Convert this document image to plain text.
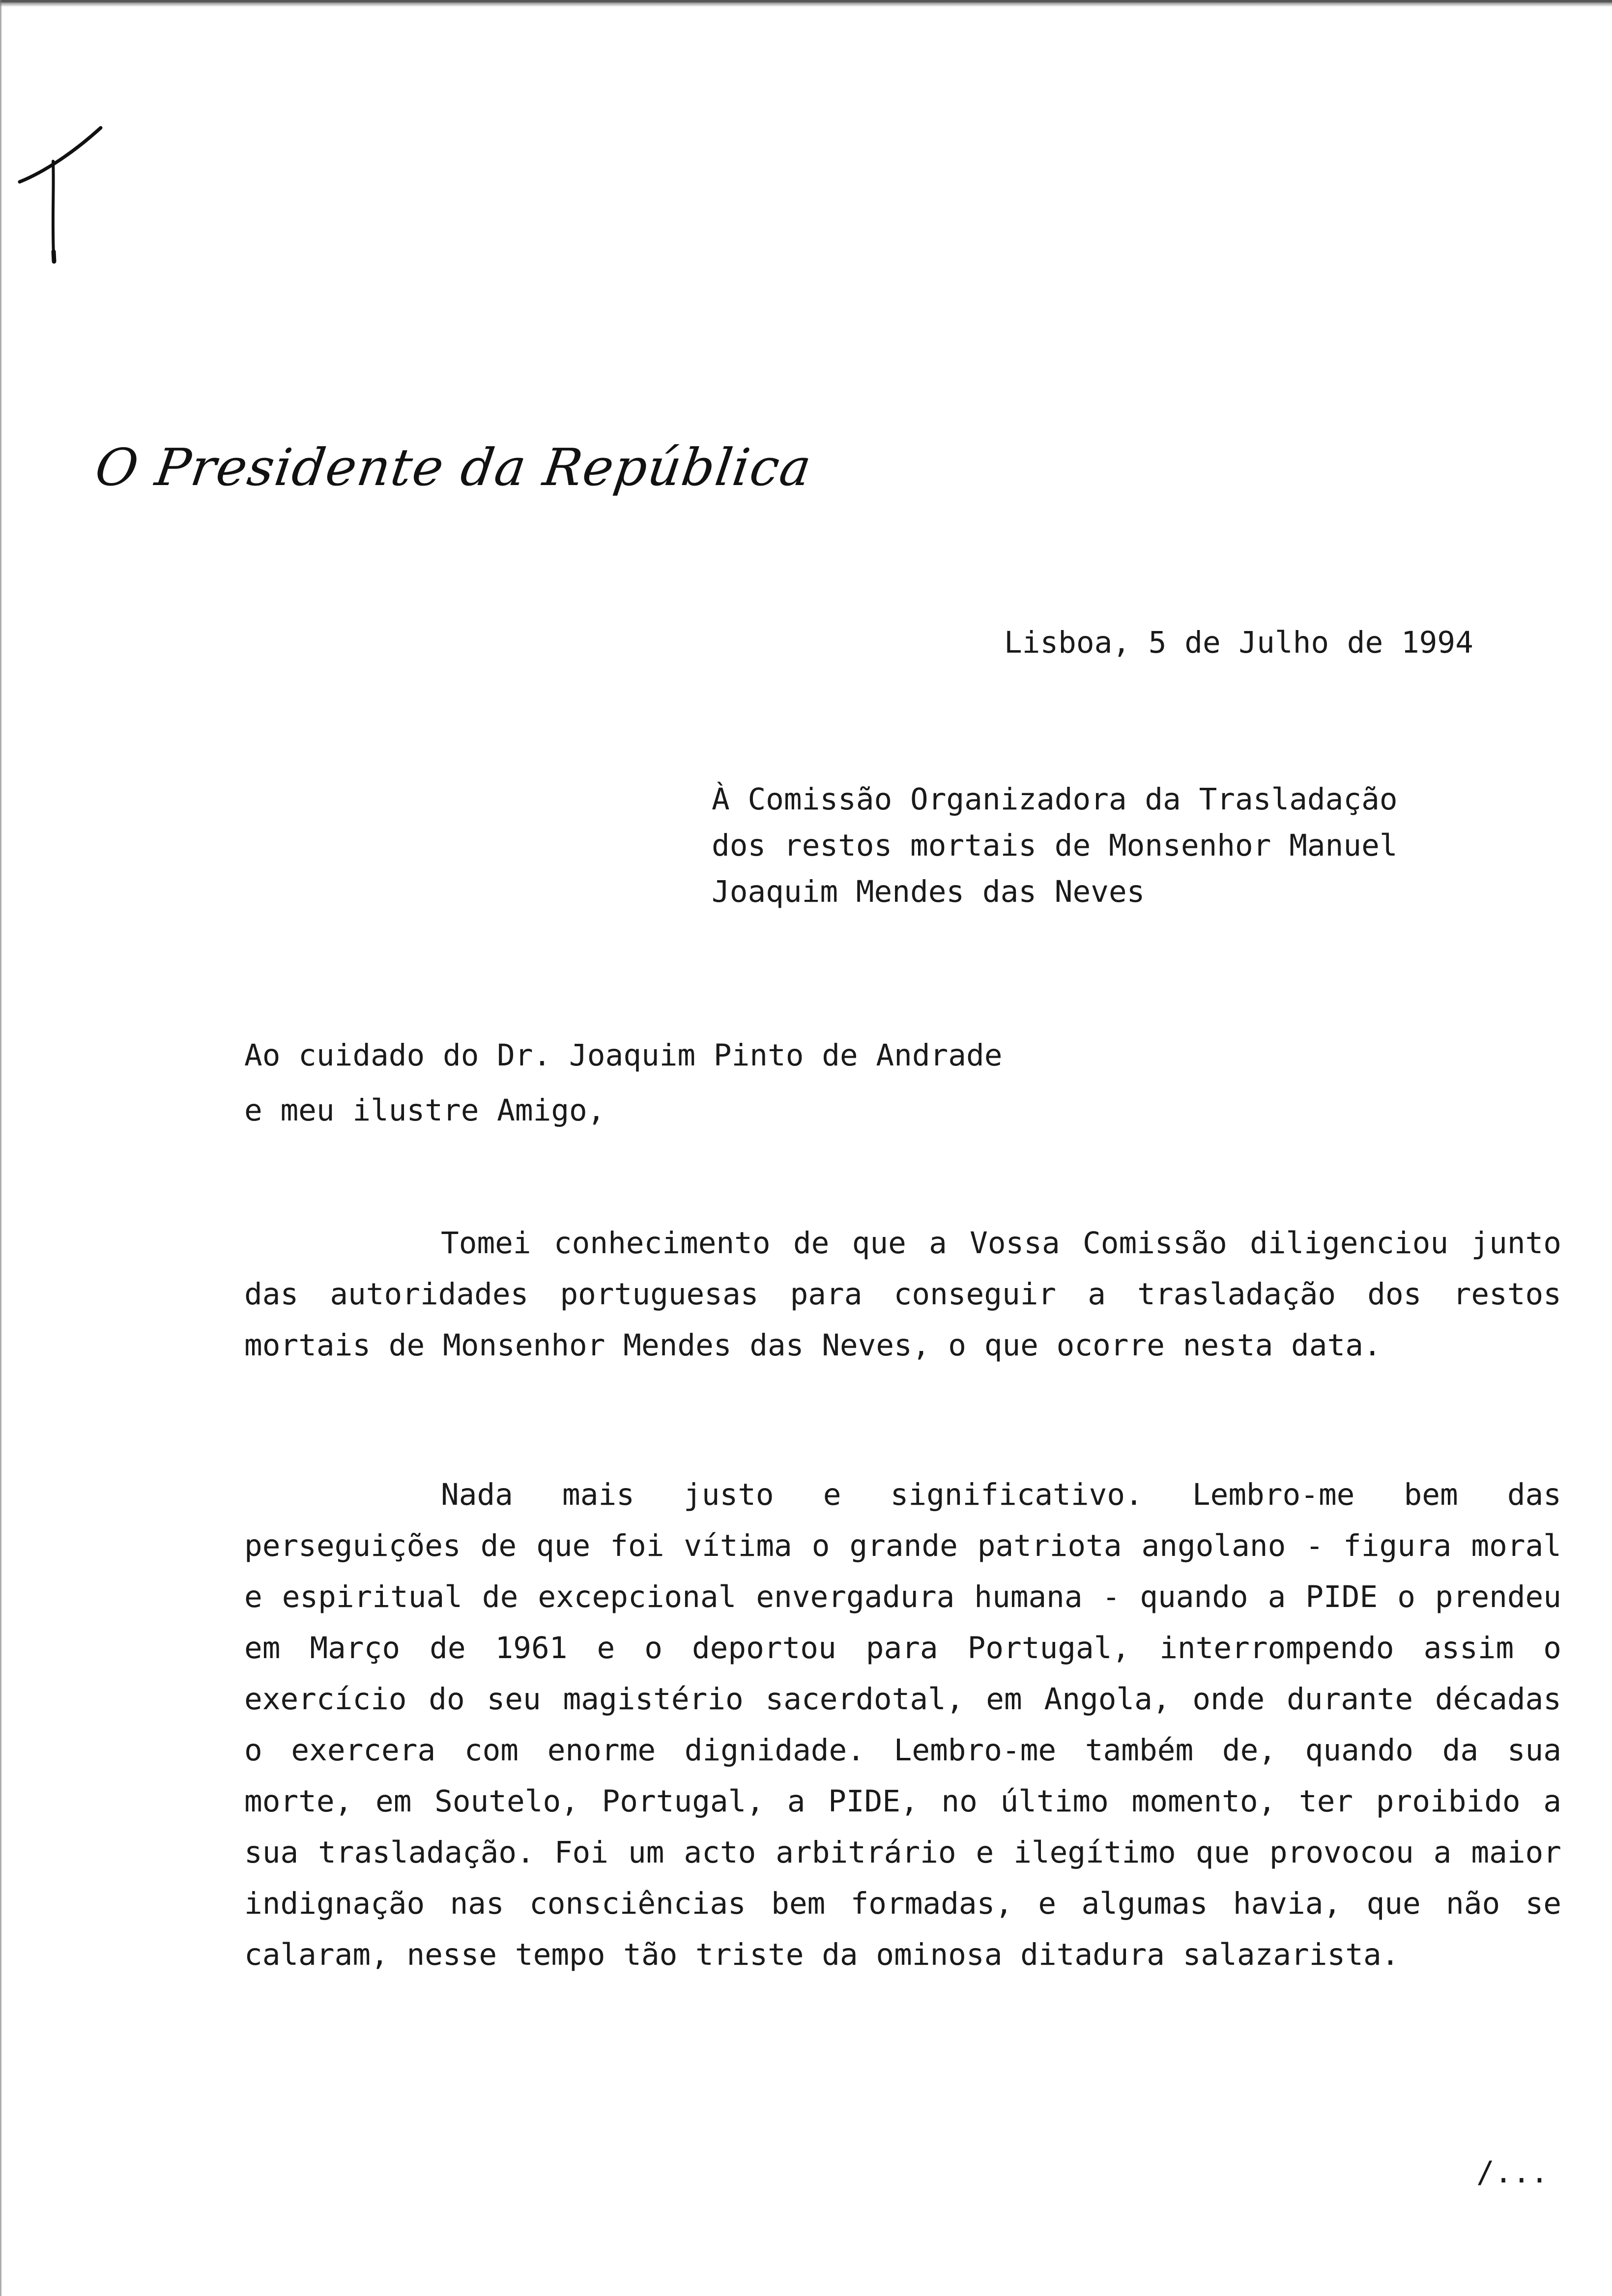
O Presidente da República
Lisboa, 5 de Julho de 1994
À Comissão Organizadora da Trasladação
dos restos mortais de Monsenhor Manuel
Joaquim Mendes das Neves
Ao cuidado do Dr. Joaquim Pinto de Andrade
e meu ilustre Amigo,
Tomei conhecimento de que a Vossa Comissão diligenciou junto das autoridades portuguesas para conseguir a trasladação dos restos mortais de Monsenhor Mendes das Neves, o que ocorre nesta data.
Nada mais justo e significativo. Lembro-me bem das perseguições de que foi vítima o grande patriota angolano - figura moral e espiritual de excepcional envergadura humana - quando a PIDE o prendeu em Março de 1961 e o deportou para Portugal, interrompendo assim o exercício do seu magistério sacerdotal, em Angola, onde durante décadas o exercera com enorme dignidade. Lembro-me também de, quando da sua morte, em Soutelo, Portugal, a PIDE, no último momento, ter proibido a sua trasladação. Foi um acto arbitrário e ilegítimo que provocou a maior indignação nas consciências bem formadas, e algumas havia, que não se calaram, nesse tempo tão triste da ominosa ditadura salazarista.
/...
